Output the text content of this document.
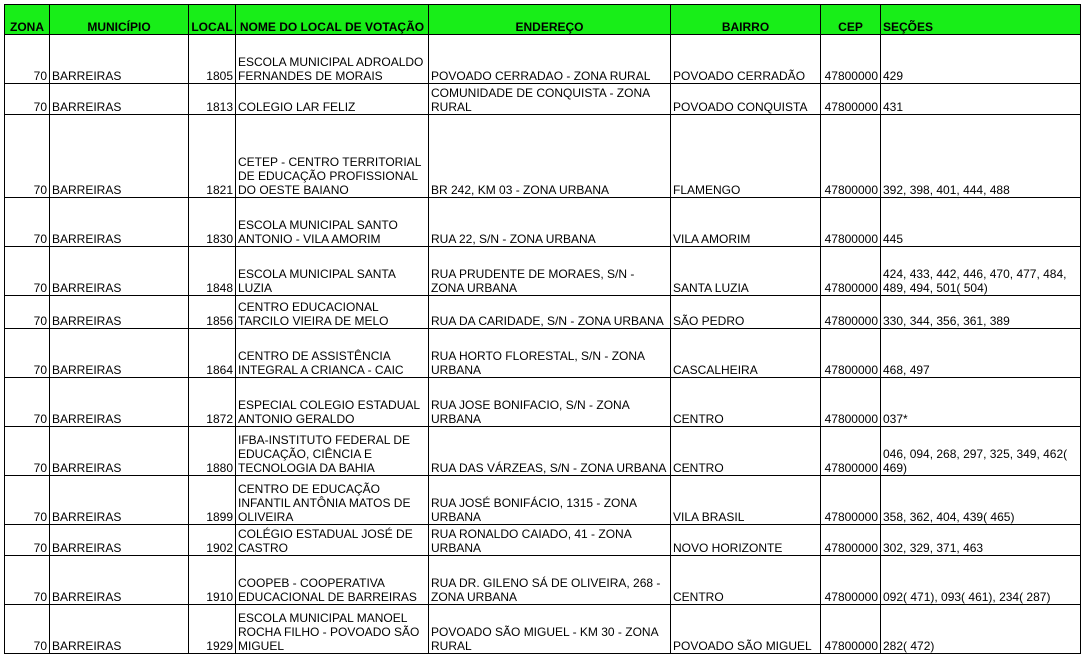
ZONA	MUNICÍPIO	LOCAL	NOME DO LOCAL DE VOTAÇÃO	ENDEREÇO	BAIRRO	CEP	SEÇÕES
70	BARREIRAS	1805	ESCOLA MUNICIPAL ADROALDO FERNANDES DE MORAIS	POVOADO CERRADAO - ZONA RURAL	POVOADO CERRADÃO	47800000	429
70	BARREIRAS	1813	COLEGIO LAR FELIZ	COMUNIDADE DE CONQUISTA - ZONA RURAL	POVOADO CONQUISTA	47800000	431
70	BARREIRAS	1821	CETEP - CENTRO TERRITORIAL DE EDUCAÇÃO PROFISSIONAL DO OESTE BAIANO	BR 242, KM 03 - ZONA URBANA	FLAMENGO	47800000	392, 398, 401, 444, 488
70	BARREIRAS	1830	ESCOLA MUNICIPAL SANTO ANTONIO - VILA AMORIM	RUA 22, S/N - ZONA URBANA	VILA AMORIM	47800000	445
70	BARREIRAS	1848	ESCOLA MUNICIPAL SANTA LUZIA	RUA PRUDENTE DE MORAES, S/N - ZONA URBANA	SANTA LUZIA	47800000	424, 433, 442, 446, 470, 477, 484, 489, 494, 501( 504)
70	BARREIRAS	1856	CENTRO EDUCACIONAL TARCILO VIEIRA DE MELO	RUA DA CARIDADE, S/N - ZONA URBANA	SÃO PEDRO	47800000	330, 344, 356, 361, 389
70	BARREIRAS	1864	CENTRO DE ASSISTÊNCIA INTEGRAL A CRIANCA - CAIC	RUA HORTO FLORESTAL, S/N - ZONA URBANA	CASCALHEIRA	47800000	468, 497
70	BARREIRAS	1872	ESPECIAL COLEGIO ESTADUAL ANTONIO GERALDO	RUA JOSE BONIFACIO, S/N - ZONA URBANA	CENTRO	47800000	037*
70	BARREIRAS	1880	IFBA-INSTITUTO FEDERAL DE EDUCAÇÃO, CIÊNCIA E TECNOLOGIA DA BAHIA	RUA DAS VÁRZEAS, S/N - ZONA URBANA	CENTRO	47800000	046, 094, 268, 297, 325, 349, 462( 469)
70	BARREIRAS	1899	CENTRO DE EDUCAÇÃO INFANTIL ANTÔNIA MATOS DE OLIVEIRA	RUA JOSÉ BONIFÁCIO, 1315 - ZONA URBANA	VILA BRASIL	47800000	358, 362, 404, 439( 465)
70	BARREIRAS	1902	COLÉGIO ESTADUAL JOSÉ DE CASTRO	RUA RONALDO CAIADO, 41 - ZONA URBANA	NOVO HORIZONTE	47800000	302, 329, 371, 463
70	BARREIRAS	1910	COOPEB - COOPERATIVA EDUCACIONAL DE BARREIRAS	RUA DR. GILENO SÁ DE OLIVEIRA, 268 - ZONA URBANA	CENTRO	47800000	092( 471), 093( 461), 234( 287)
70	BARREIRAS	1929	ESCOLA MUNICIPAL MANOEL ROCHA FILHO - POVOADO SÃO MIGUEL	POVOADO SÃO MIGUEL - KM 30 - ZONA RURAL	POVOADO SÃO MIGUEL	47800000	282( 472)
